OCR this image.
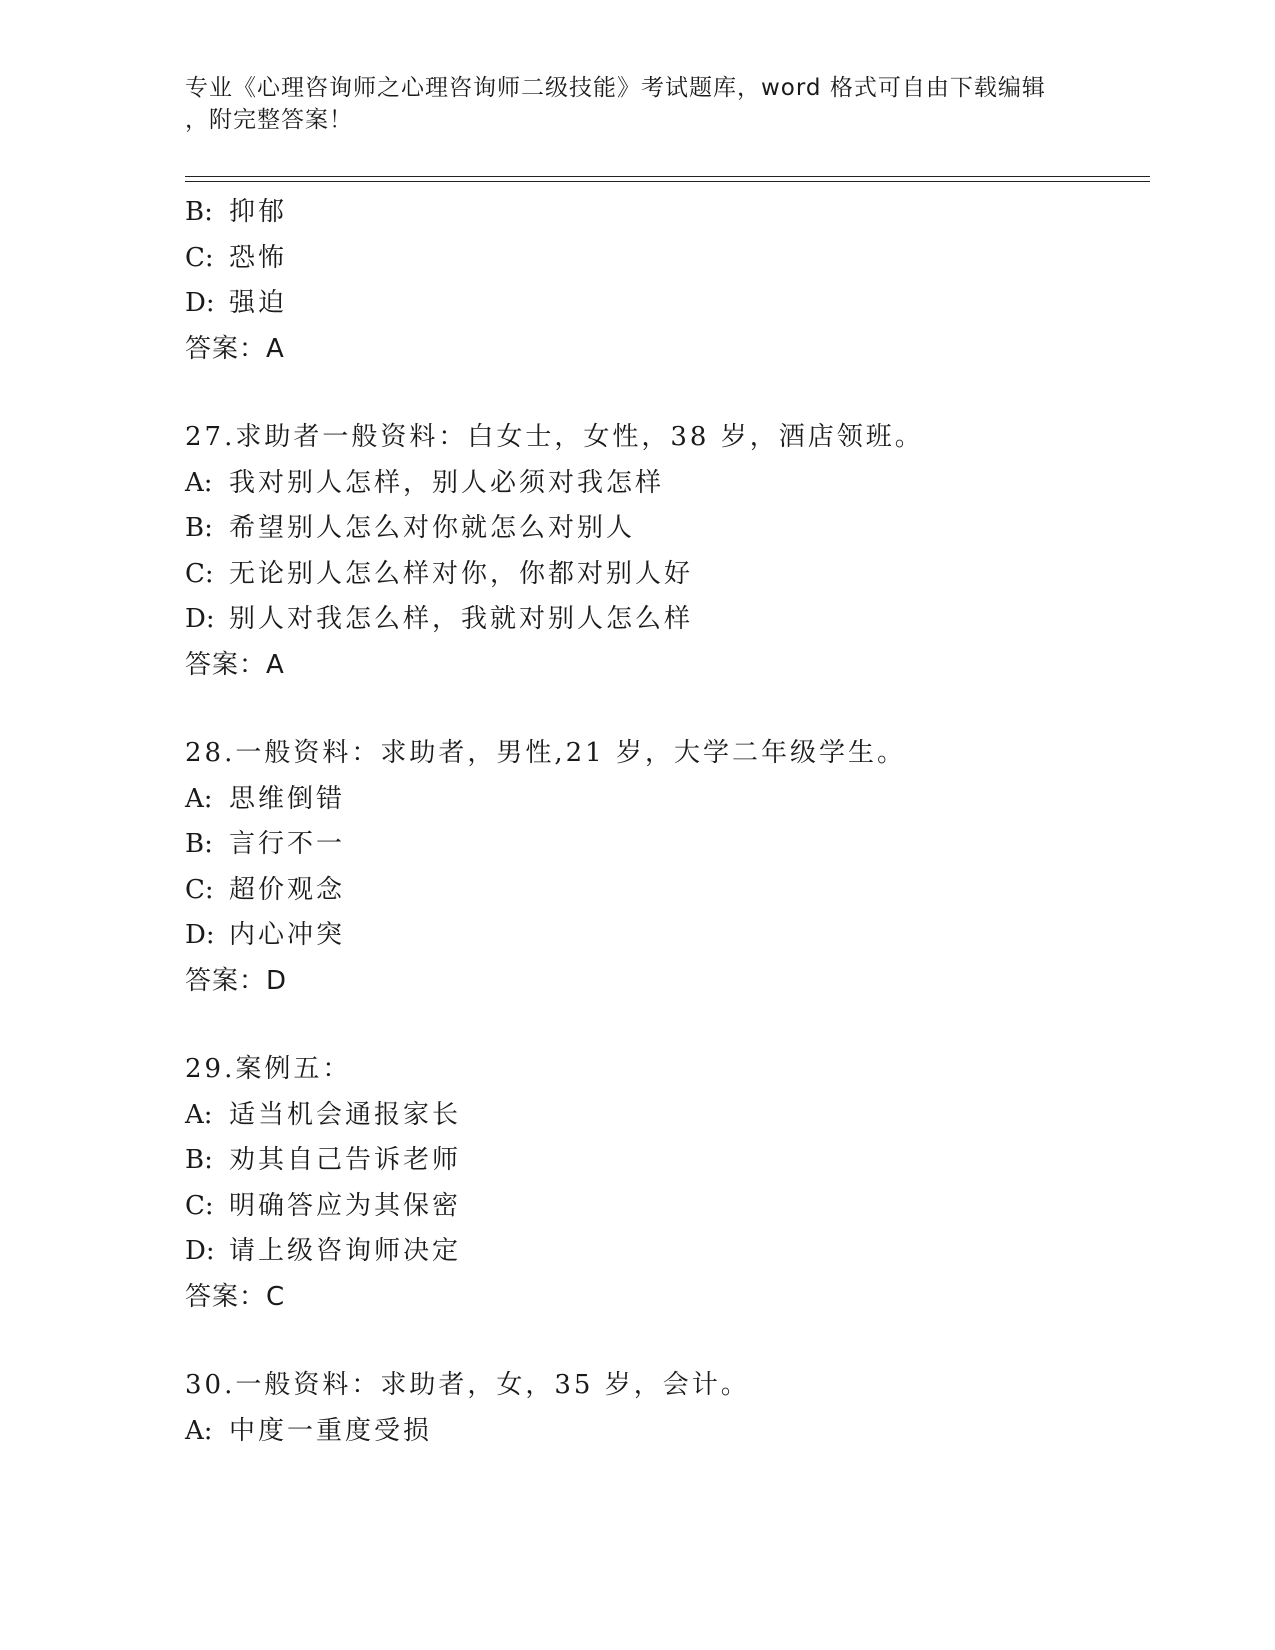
专业《心理咨询师之心理咨询师二级技能》考试题库，word 格式可自由下载编辑
，附完整答案！
B: 抑郁
C: 恐怖
D: 强迫
答案：A
27.求助者一般资料：白女士，女性，38 岁，酒店领班。
A: 我对别人怎样，别人必须对我怎样
B: 希望别人怎么对你就怎么对别人
C: 无论别人怎么样对你，你都对别人好
D: 别人对我怎么样，我就对别人怎么样
答案：A
28.一般资料：求助者，男性,21 岁，大学二年级学生。
A: 思维倒错
B: 言行不一
C: 超价观念
D: 内心冲突
答案：D
29.案例五：
A: 适当机会通报家长
B: 劝其自己告诉老师
C: 明确答应为其保密
D: 请上级咨询师决定
答案：C
30.一般资料：求助者，女，35 岁，会计。
A: 中度一重度受损
